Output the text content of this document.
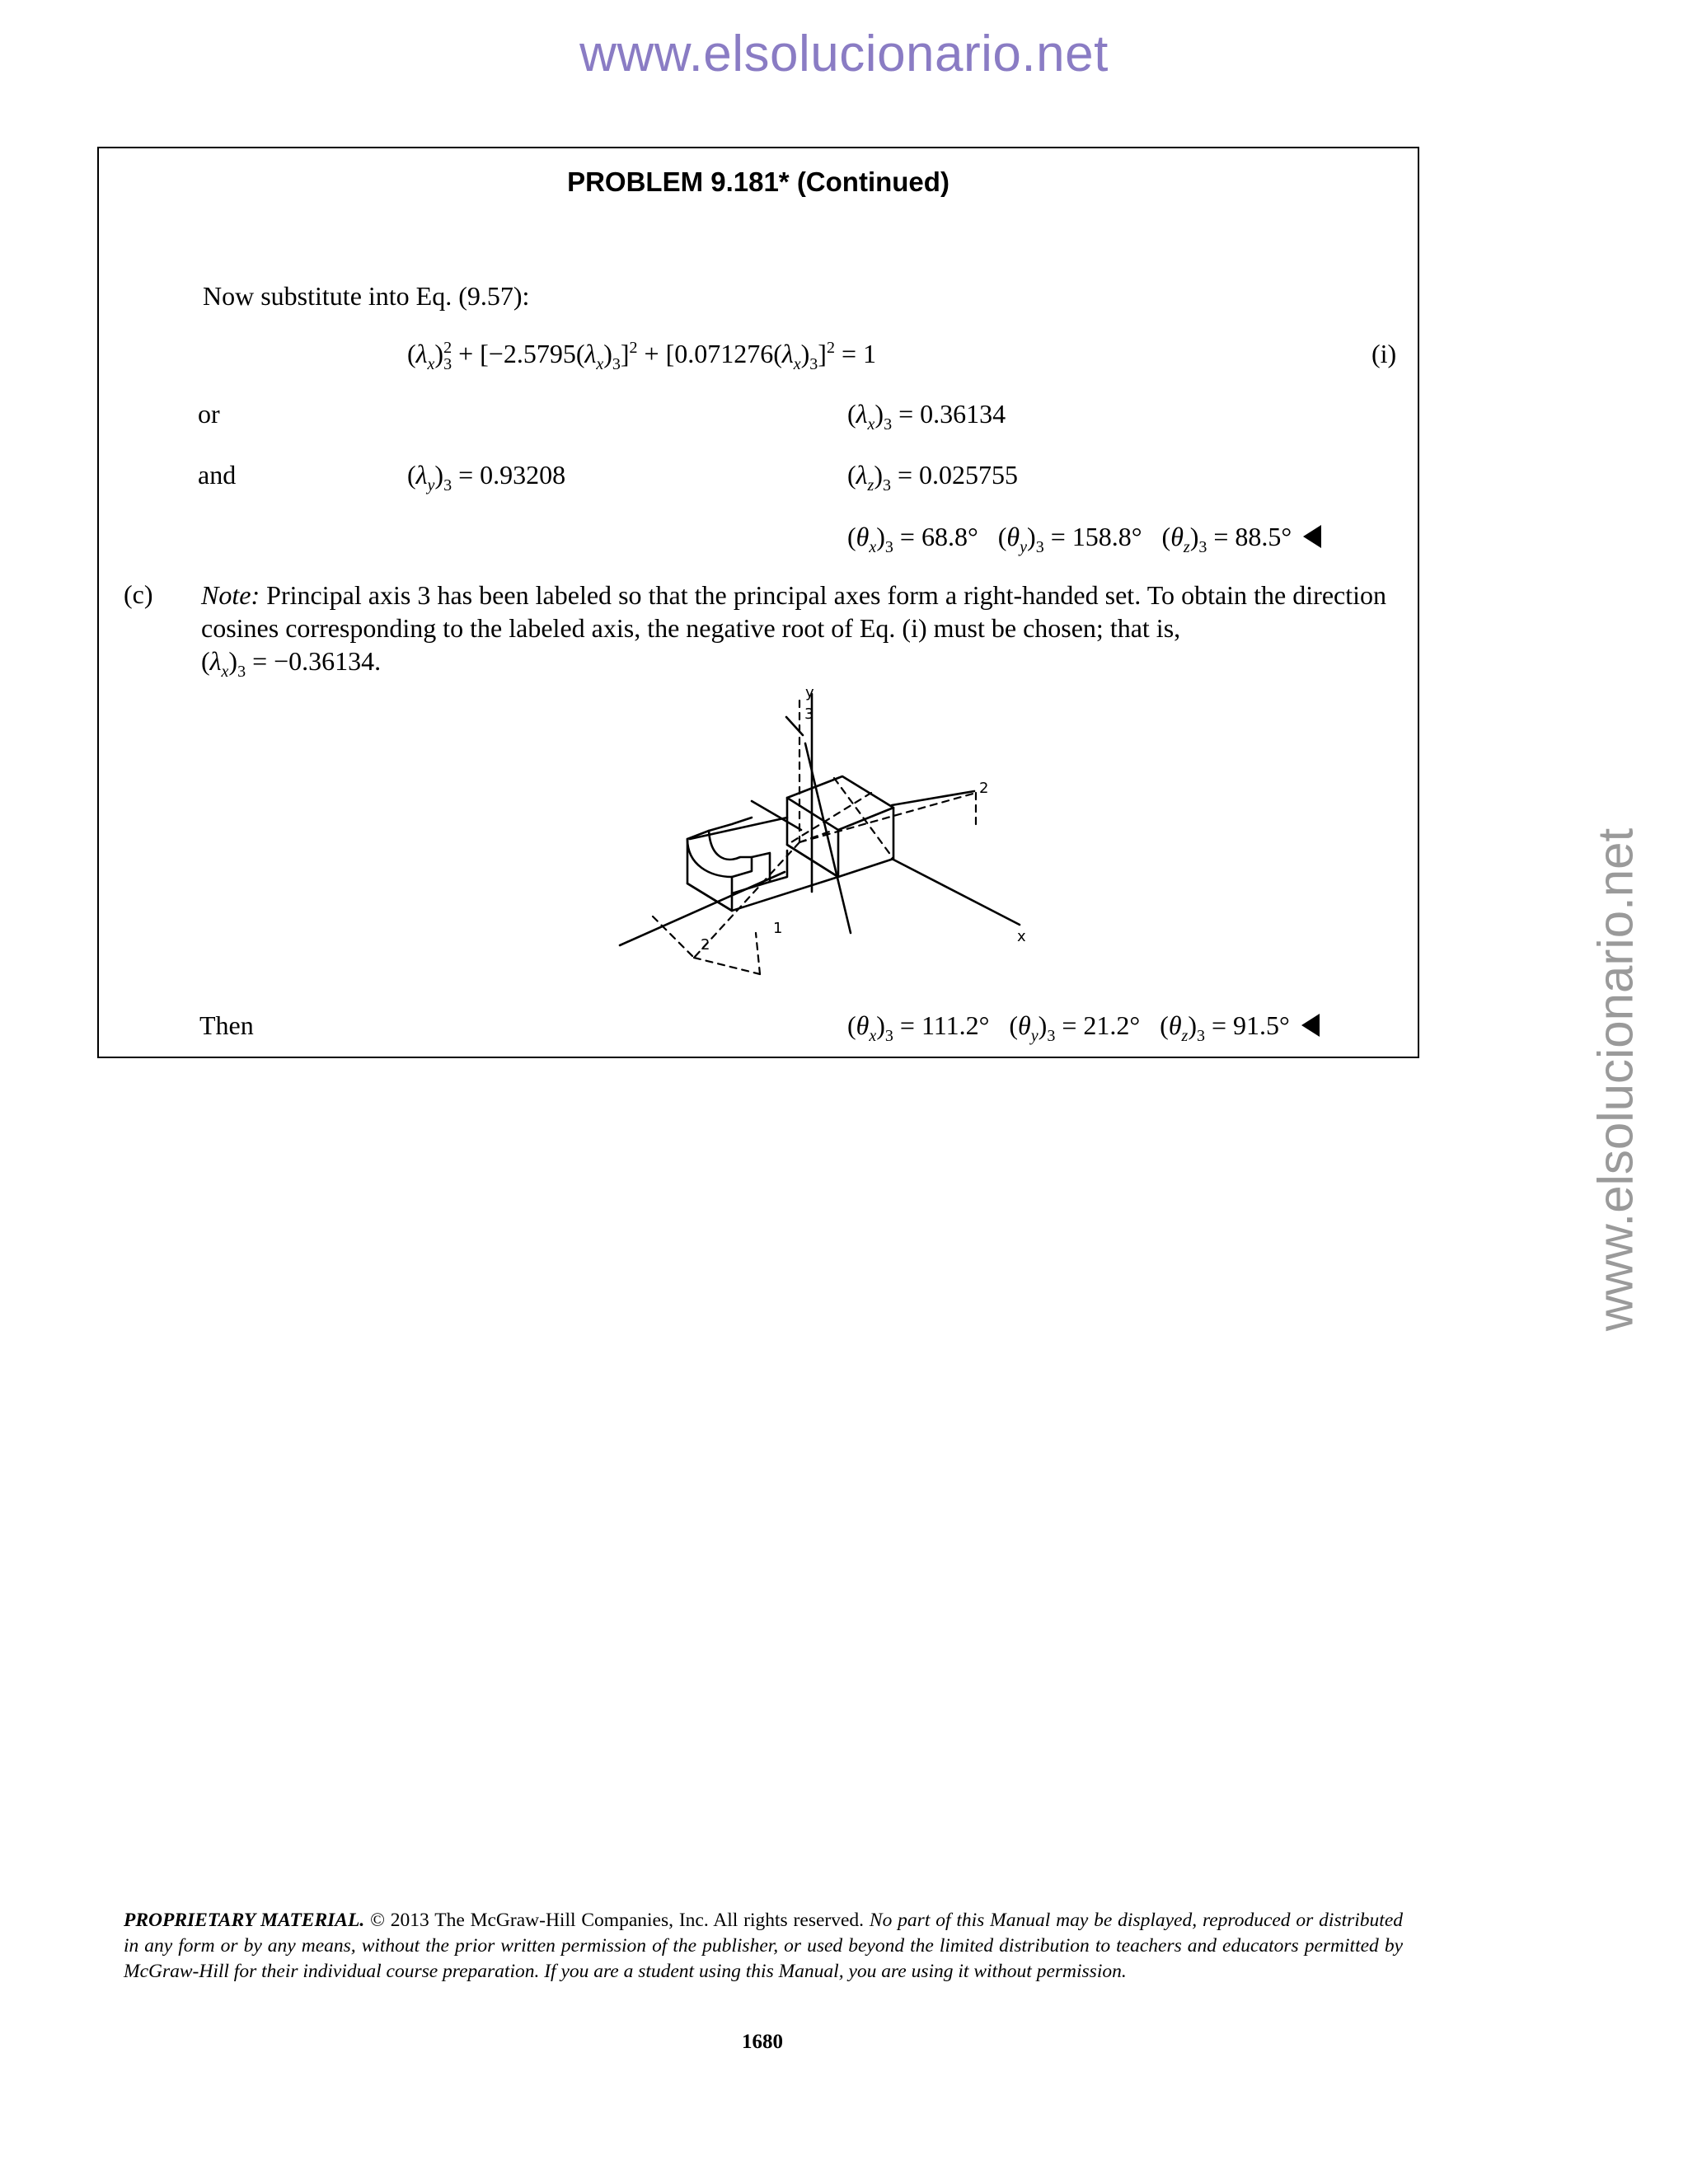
www.elsolucionario.net
www.elsolucionario.net
PROBLEM 9.181* (Continued)
Now substitute into Eq. (9.57):
$(\lambda_x)^2_3 + [-2.5795(\lambda_x)_3]^2 + [0.071276(\lambda_x)_3]^2 = 1$	(i)
or	$(\lambda_x)_3 = 0.36134$
and	$(\lambda_y)_3 = 0.93208$	$(\lambda_z)_3 = 0.025755$
$(\theta_x)_3 = 68.8^\circ$   $(\theta_y)_3 = 158.8^\circ$   $(\theta_z)_3 = 88.5^\circ$
(c) Note: Principal axis 3 has been labeled so that the principal axes form a right-handed set. To obtain the direction cosines corresponding to the labeled axis, the negative root of Eq. (i) must be chosen; that is,
$(\lambda_x)_3 = -0.36134$.
y
3
2
x
1
2
Then	$(\theta_x)_3 = 111.2^\circ$   $(\theta_y)_3 = 21.2^\circ$   $(\theta_z)_3 = 91.5^\circ$
PROPRIETARY MATERIAL. © 2013 The McGraw-Hill Companies, Inc. All rights reserved. No part of this Manual may be displayed, reproduced or distributed in any form or by any means, without the prior written permission of the publisher, or used beyond the limited distribution to teachers and educators permitted by McGraw-Hill for their individual course preparation. If you are a student using this Manual, you are using it without permission.
1680
